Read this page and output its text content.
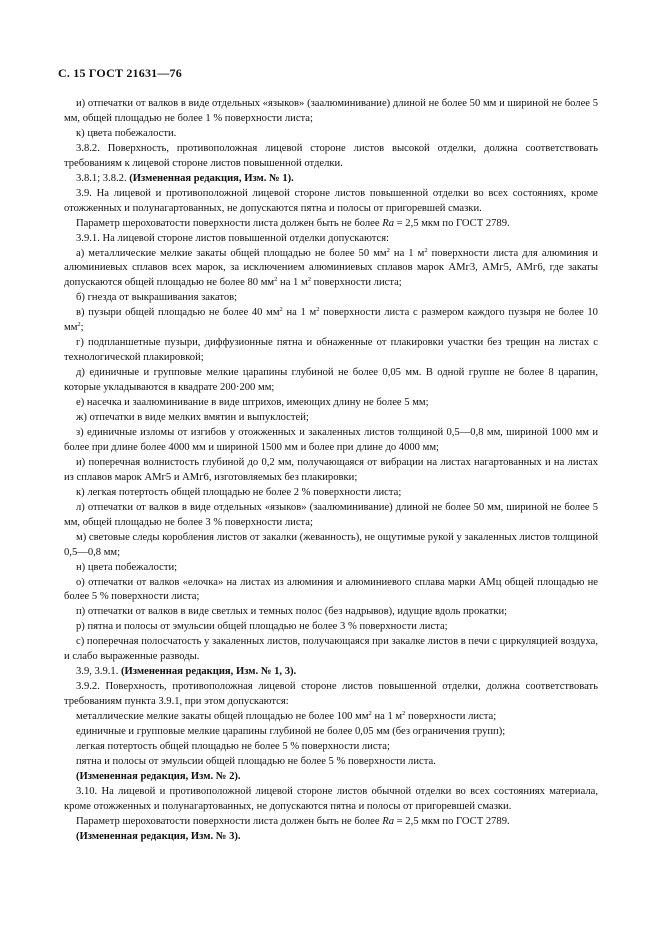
С. 15 ГОСТ 21631—76

и) отпечатки от валков в виде отдельных «языков» (заалюминивание) длиной не более 50 мм и шириной не более 5 мм, общей площадью не более 1 % поверхности листа;

к) цвета побежалости.

3.8.2. Поверхность, противоположная лицевой стороне листов высокой отделки, должна соответствовать требованиям к лицевой стороне листов повышенной отделки.

3.8.1; 3.8.2. (Измененная редакция, Изм. № 1).

3.9. На лицевой и противоположной лицевой стороне листов повышенной отделки во всех состояниях, кроме отожженных и полунагартованных, не допускаются пятна и полосы от пригоревшей смазки.

Параметр шероховатости поверхности листа должен быть не более Ra = 2,5 мкм по ГОСТ 2789.

3.9.1. На лицевой стороне листов повышенной отделки допускаются:

а) металлические мелкие закаты общей площадью не более 50 $мм^2$ на 1 $м^2$ поверхности листа для алюминия и алюминиевых сплавов всех марок, за исключением алюминиевых сплавов марок АМг3, АМг5, АМг6, где закаты допускаются общей площадью не более 80 $мм^2$ на 1 $м^2$ поверхности листа;

б) гнезда от выкрашивания закатов;

в) пузыри общей площадью не более 40 $мм^2$ на 1 $м^2$ поверхности листа с размером каждого пузыря не более 10 $мм^2$;

г) подпланшетные пузыри, диффузионные пятна и обнаженные от плакировки участки без трещин на листах с технологической плакировкой;

д) единичные и групповые мелкие царапины глубиной не более 0,05 мм. В одной группе не более 8 царапин, которые укладываются в квадрате 200·200 мм;

е) насечка и заалюминивание в виде штрихов, имеющих длину не более 5 мм;

ж) отпечатки в виде мелких вмятин и выпуклостей;

з) единичные изломы от изгибов у отожженных и закаленных листов толщиной 0,5—0,8 мм, шириной 1000 мм и более при длине более 4000 мм и шириной 1500 мм и более при длине до 4000 мм;

и) поперечная волнистость глубиной до 0,2 мм, получающаяся от вибрации на листах нагартованных и на листах из сплавов марок АМг5 и АМг6, изготовляемых без плакировки;

к) легкая потертость общей площадью не более 2 % поверхности листа;

л) отпечатки от валков в виде отдельных «языков» (заалюминивание) длиной не более 50 мм, шириной не более 5 мм, общей площадью не более 3 % поверхности листа;

м) световые следы коробления листов от закалки (жеванность), не ощутимые рукой у закаленных листов толщиной 0,5—0,8 мм;

н) цвета побежалости;

о) отпечатки от валков «елочка» на листах из алюминия и алюминиевого сплава марки АМц общей площадью не более 5 % поверхности листа;

п) отпечатки от валков в виде светлых и темных полос (без надрывов), идущие вдоль прокатки;

р) пятна и полосы от эмульсии общей площадью не более 3 % поверхности листа;

с) поперечная полосчатость у закаленных листов, получающаяся при закалке листов в печи с циркуляцией воздуха, и слабо выраженные разводы.

3.9, 3.9.1. (Измененная редакция, Изм. № 1, 3).

3.9.2. Поверхность, противоположная лицевой стороне листов повышенной отделки, должна соответствовать требованиям пункта 3.9.1, при этом допускаются:

металлические мелкие закаты общей площадью не более 100 $мм^2$ на 1 $м^2$ поверхности листа;

единичные и групповые мелкие царапины глубиной не более 0,05 мм (без ограничения групп);

легкая потертость общей площадью не более 5 % поверхности листа;

пятна и полосы от эмульсии общей площадью не более 5 % поверхности листа.

(Измененная редакция, Изм. № 2).

3.10. На лицевой и противоположной лицевой стороне листов обычной отделки во всех состояниях материала, кроме отожженных и полунагартованных, не допускаются пятна и полосы от пригоревшей смазки.

Параметр шероховатости поверхности листа должен быть не более Ra = 2,5 мкм по ГОСТ 2789.

(Измененная редакция, Изм. № 3).
